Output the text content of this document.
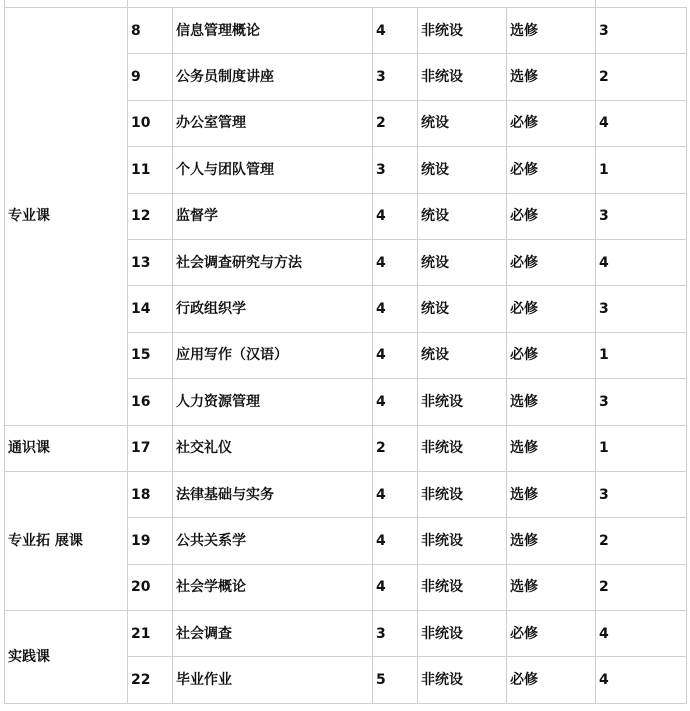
专业课	8	信息管理概论	4	非统设	选修	3
	9	公务员制度讲座	3	非统设	选修	2
	10	办公室管理	2	统设	必修	4
	11	个人与团队管理	3	统设	必修	1
	12	监督学	4	统设	必修	3
	13	社会调查研究与方法	4	统设	必修	4
	14	行政组织学	4	统设	必修	3
	15	应用写作（汉语）	4	统设	必修	1
	16	人力资源管理	4	非统设	选修	3
通识课	17	社交礼仪	2	非统设	选修	1
专业拓 展课	18	法律基础与实务	4	非统设	选修	3
	19	公共关系学	4	非统设	选修	2
	20	社会学概论	4	非统设	选修	2
实践课	21	社会调查	3	非统设	必修	4
	22	毕业作业	5	非统设	必修	4
